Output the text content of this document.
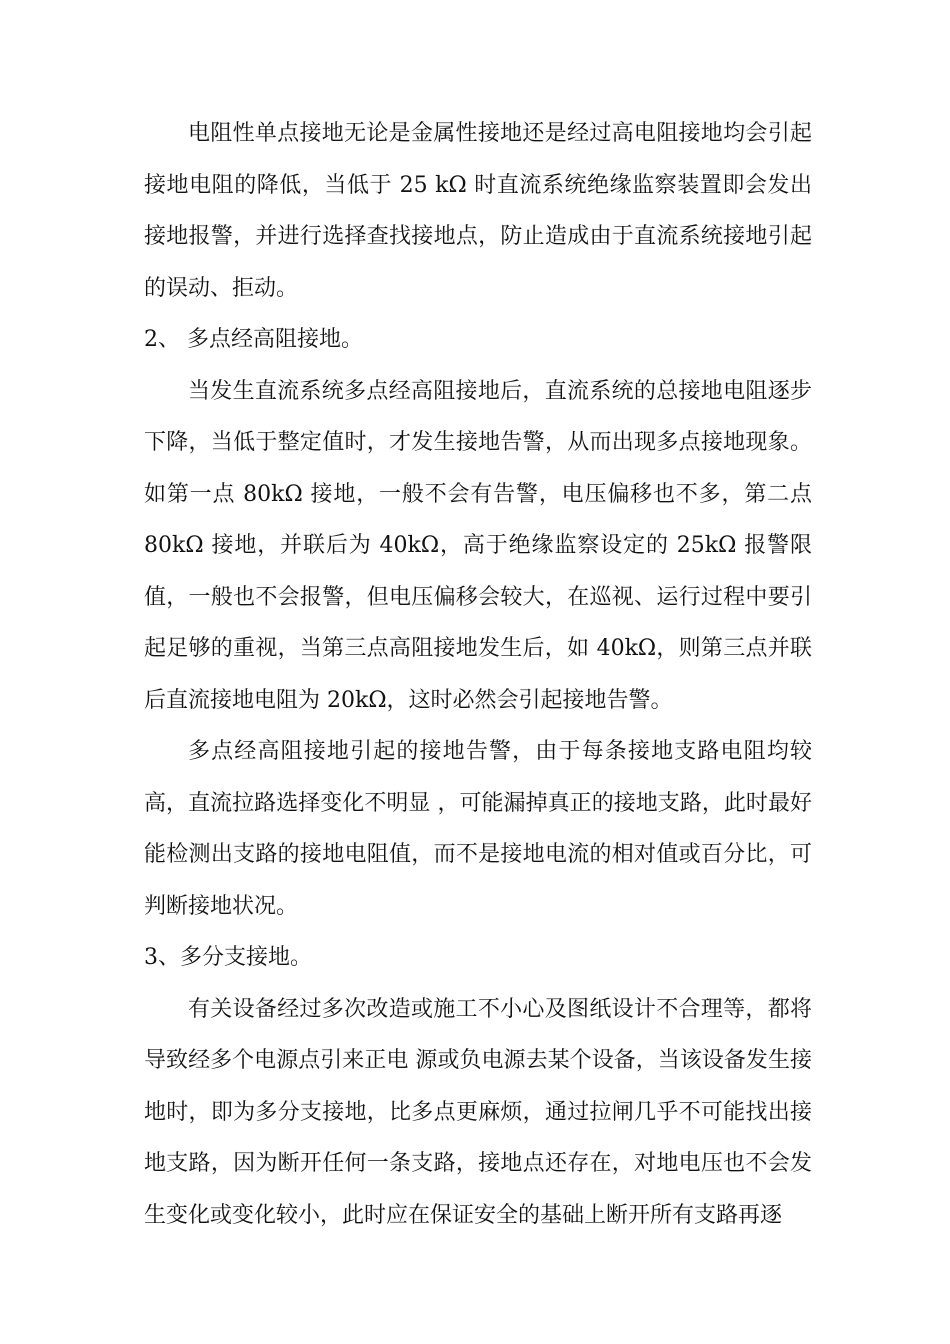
电阻性单点接地无论是金属性接地还是经过高电阻接地均会引起接地电阻的降低，当低于 25 kΩ 时直流系统绝缘监察装置即会发出接地报警，并进行选择查找接地点，防止造成由于直流系统接地引起的误动、拒动。

2、 多点经高阻接地。

当发生直流系统多点经高阻接地后，直流系统的总接地电阻逐步下降，当低于整定值时，才发生接地告警，从而出现多点接地现象。如第一点 80kΩ 接地，一般不会有告警，电压偏移也不多，第二点 80kΩ 接地，并联后为 40kΩ，高于绝缘监察设定的 25kΩ 报警限值，一般也不会报警，但电压偏移会较大，在巡视、运行过程中要引起足够的重视，当第三点高阻接地发生后，如 40kΩ，则第三点并联后直流接地电阻为 20kΩ，这时必然会引起接地告警。

多点经高阻接地引起的接地告警，由于每条接地支路电阻均较高，直流拉路选择变化不明显 ，可能漏掉真正的接地支路，此时最好能检测出支路的接地电阻值，而不是接地电流的相对值或百分比，可判断接地状况。

3、多分支接地。

有关设备经过多次改造或施工不小心及图纸设计不合理等，都将导致经多个电源点引来正电 源或负电源去某个设备，当该设备发生接地时，即为多分支接地，比多点更麻烦，通过拉闸几乎不可能找出接地支路，因为断开任何一条支路，接地点还存在，对地电压也不会发生变化或变化较小，此时应在保证安全的基础上断开所有支路再逐
